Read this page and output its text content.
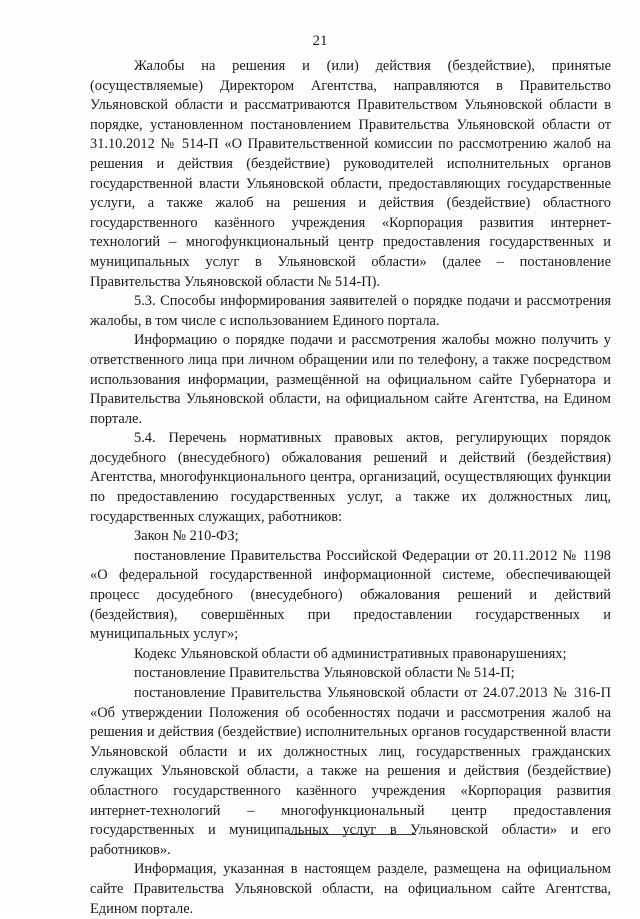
21

Жалобы на решения и (или) действия (бездействие), принятые (осуществляемые) Директором Агентства, направляются в Правительство Ульяновской области и рассматриваются Правительством Ульяновской области в порядке, установленном постановлением Правительства Ульяновской области от 31.10.2012 № 514-П «О Правительственной комиссии по рассмотрению жалоб на решения и действия (бездействие) руководителей исполнительных органов государственной власти Ульяновской области, предоставляющих государственные услуги, а также жалоб на решения и действия (бездействие) областного государственного казённого учреждения «Корпорация развития интернет-технологий – многофункциональный центр предоставления государственных и муниципальных услуг в Ульяновской области» (далее – постановление Правительства Ульяновской области № 514-П).

5.3. Способы информирования заявителей о порядке подачи и рассмотрения жалобы, в том числе с использованием Единого портала.

Информацию о порядке подачи и рассмотрения жалобы можно получить у ответственного лица при личном обращении или по телефону, а также посредством использования информации, размещённой на официальном сайте Губернатора и Правительства Ульяновской области, на официальном сайте Агентства, на Едином портале.

5.4. Перечень нормативных правовых актов, регулирующих порядок досудебного (внесудебного) обжалования решений и действий (бездействия) Агентства, многофункционального центра, организаций, осуществляющих функции по предоставлению государственных услуг, а также их должностных лиц, государственных служащих, работников:

Закон № 210-ФЗ;

постановление Правительства Российской Федерации от 20.11.2012 № 1198 «О федеральной государственной информационной системе, обеспечивающей процесс досудебного (внесудебного) обжалования решений и действий (бездействия), совершённых при предоставлении государственных и муниципальных услуг»;

Кодекс Ульяновской области об административных правонарушениях;

постановление Правительства Ульяновской области № 514-П;

постановление Правительства Ульяновской области от 24.07.2013 № 316-П «Об утверждении Положения об особенностях подачи и рассмотрения жалоб на решения и действия (бездействие) исполнительных органов государственной власти Ульяновской области и их должностных лиц, государственных гражданских служащих Ульяновской области, а также на решения и действия (бездействие) областного государственного казённого учреждения «Корпорация развития интернет-технологий – многофункциональный центр предоставления государственных и муниципальных услуг в Ульяновской области» и его работников».

Информация, указанная в настоящем разделе, размещена на официальном сайте Правительства Ульяновской области, на официальном сайте Агентства, Едином портале.
